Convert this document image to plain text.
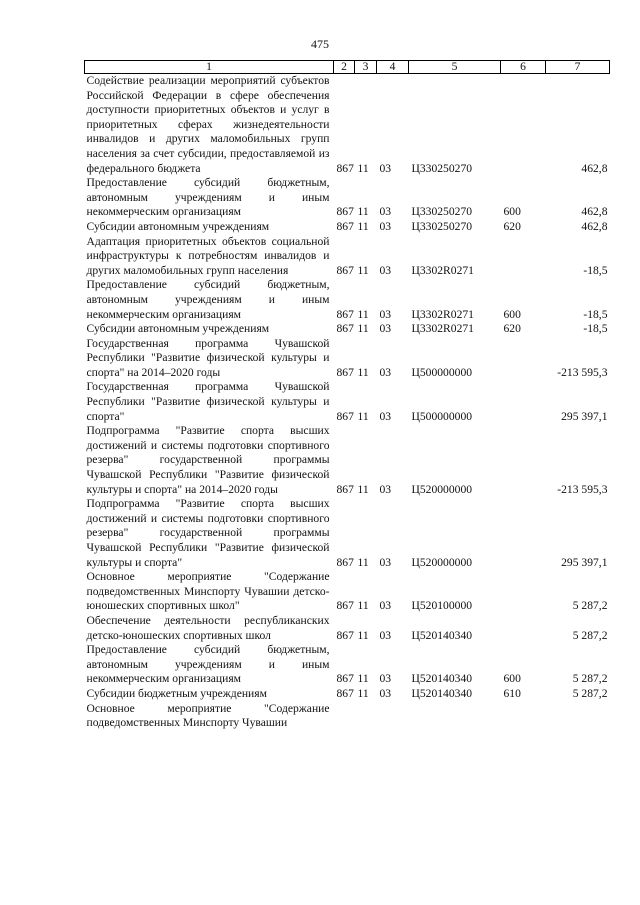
475
1	2	3	4	5	6	7
Содействие реализации мероприятий субъектов Российской Федерации в сфере обеспечения доступности приоритетных объектов и услуг в приоритетных сферах жизнедеятельности инвалидов и других маломобильных групп населения за счет субсидии, предоставляемой из федерального бюджета	867	11	03	Ц330250270		462,8
Предоставление субсидий бюджетным, автономным учреждениям и иным некоммерческим организациям	867	11	03	Ц330250270	600	462,8
Субсидии автономным учреждениям	867	11	03	Ц330250270	620	462,8
Адаптация приоритетных объектов социальной инфраструктуры к потребностям инвалидов и других маломобильных групп населения	867	11	03	Ц3302R0271		-18,5
Предоставление субсидий бюджетным, автономным учреждениям и иным некоммерческим организациям	867	11	03	Ц3302R0271	600	-18,5
Субсидии автономным учреждениям	867	11	03	Ц3302R0271	620	-18,5
Государственная программа Чувашской Республики "Развитие физической культуры и спорта" на 2014–2020 годы	867	11	03	Ц500000000		-213 595,3
Государственная программа Чувашской Республики "Развитие физической культуры и спорта"	867	11	03	Ц500000000		295 397,1
Подпрограмма "Развитие спорта высших достижений и системы подготовки спортивного резерва" государственной программы Чувашской Республики "Развитие физической культуры и спорта" на 2014–2020 годы	867	11	03	Ц520000000		-213 595,3
Подпрограмма "Развитие спорта высших достижений и системы подготовки спортивного резерва" государственной программы Чувашской Республики "Развитие физической культуры и спорта"	867	11	03	Ц520000000		295 397,1
Основное мероприятие "Содержание подведомственных Минспорту Чувашии детско-юношеских спортивных школ"	867	11	03	Ц520100000		5 287,2
Обеспечение деятельности республиканских детско-юношеских спортивных школ	867	11	03	Ц520140340		5 287,2
Предоставление субсидий бюджетным, автономным учреждениям и иным некоммерческим организациям	867	11	03	Ц520140340	600	5 287,2
Субсидии бюджетным учреждениям	867	11	03	Ц520140340	610	5 287,2
Основное мероприятие "Содержание подведомственных Минспорту Чувашии						
